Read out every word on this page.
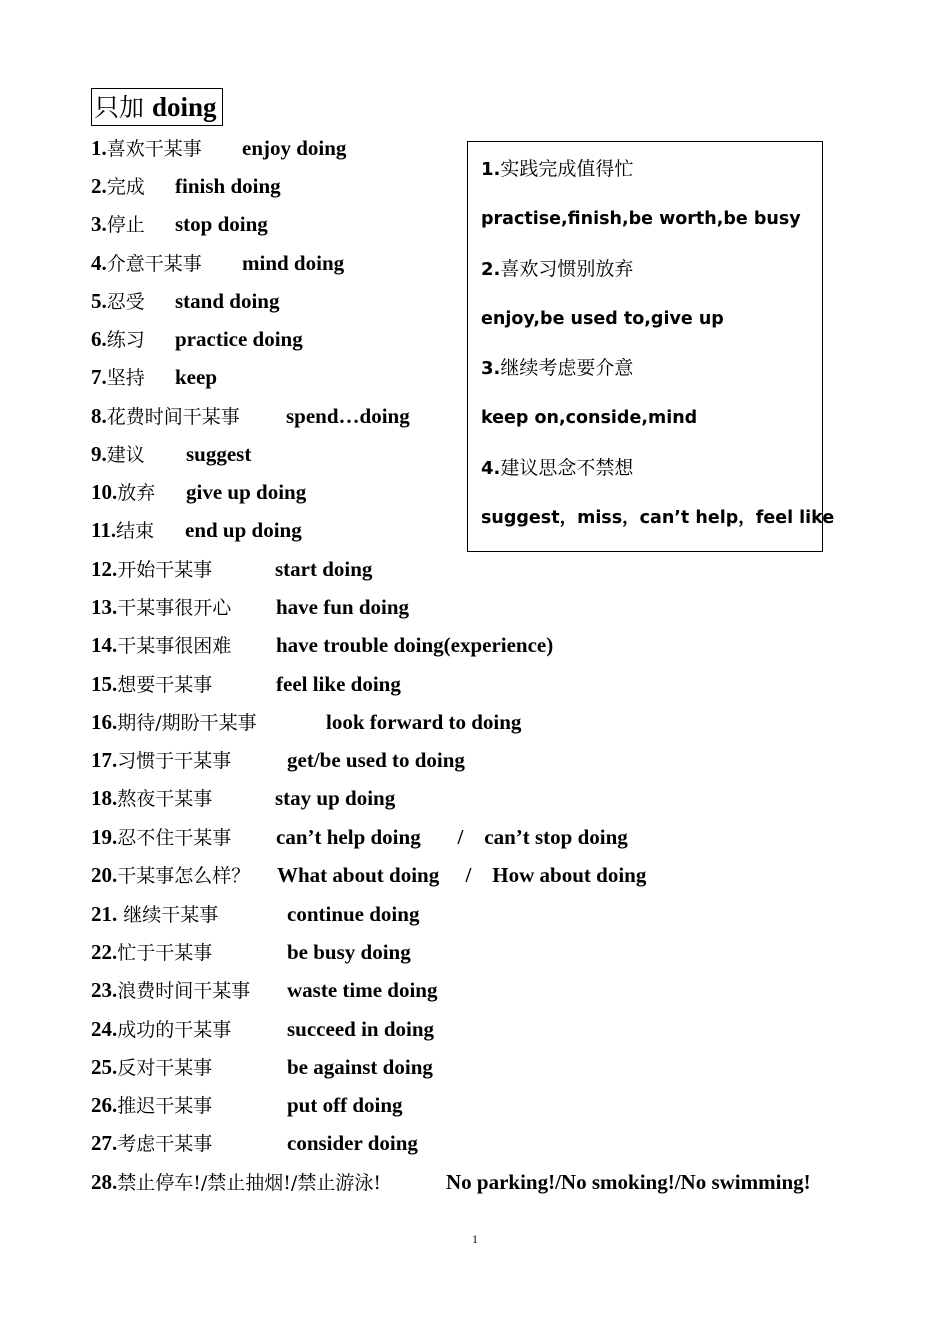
只加 doing
1.喜欢干某事 enjoy doing
2.完成 finish doing
3.停止 stop doing
4.介意干某事 mind doing
5.忍受 stand doing
6.练习 practice doing
7.坚持 keep
8.花费时间干某事 spend…doing
9.建议 suggest
10.放弃 give up doing
11.结束 end up doing
12.开始干某事	start doing
13.干某事很开心 have fun doing
14.干某事很困难 have trouble doing(experience)
15.想要干某事	feel like doing
16.期待/期盼干某事	look forward to doing
17.习惯于干某事	get/be used to doing
18.熬夜干某事	stay up doing
19.忍不住干某事 can’t help doing       /    can’t stop doing
20.干某事怎么样？ What about doing     /    How about doing
21. 继续干某事	continue doing
22.忙于干某事	be busy doing
23.浪费时间干某事 waste time doing
24.成功的干某事	succeed in doing
25.反对干某事	be against doing
26.推迟干某事	put off doing
27.考虑干某事	consider doing
28.禁止停车!/禁止抽烟!/禁止游泳!	No parking!/No smoking!/No swimming!
1.实践完成值得忙
practise,finish,be worth,be busy
2.喜欢习惯别放弃
enjoy,be used to,give up
3.继续考虑要介意
keep on,conside,mind
4.建议思念不禁想
suggest，miss，can’t help，feel like
1
